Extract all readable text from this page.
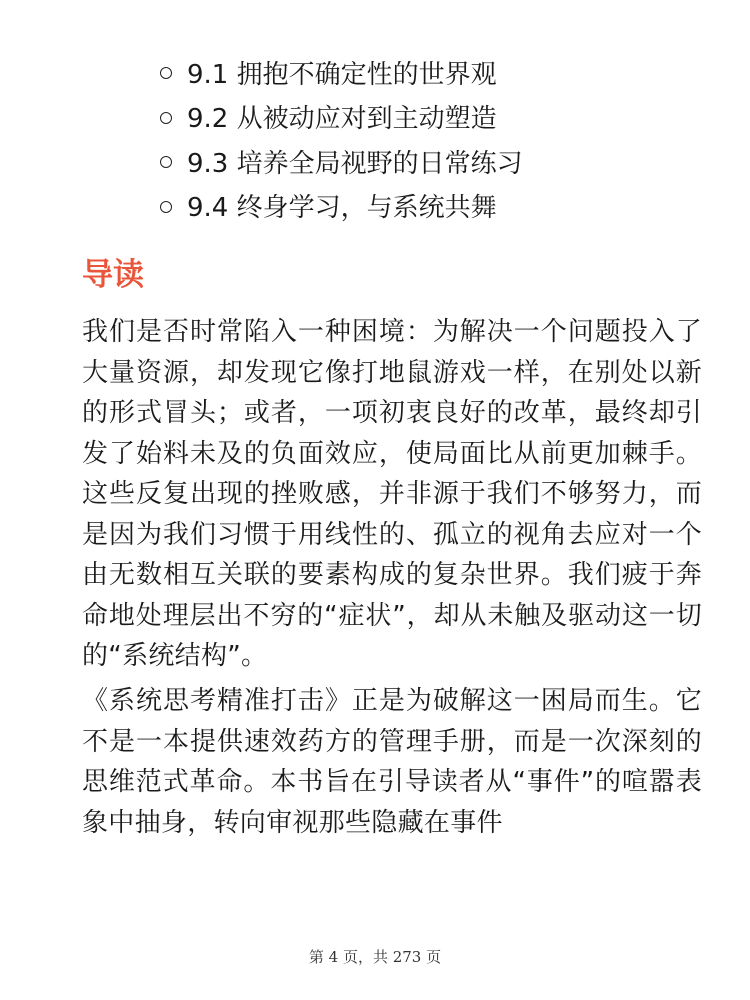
9.1 拥抱不确定性的世界观
9.2 从被动应对到主动塑造
9.3 培养全局视野的日常练习
9.4 终身学习，与系统共舞
导读

我们是否时常陷入一种困境：为解决一个问题投入了大量资源，却发现它像打地鼠游戏一样，在别处以新的形式冒头；或者，一项初衷良好的改革，最终却引发了始料未及的负面效应，使局面比从前更加棘手。这些反复出现的挫败感，并非源于我们不够努力，而是因为我们习惯于用线性的、孤立的视角去应对一个由无数相互关联的要素构成的复杂世界。我们疲于奔命地处理层出不穷的“症状”，却从未触及驱动这一切的“系统结构”。

《系统思考精准打击》正是为破解这一困局而生。它不是一本提供速效药方的管理手册，而是一次深刻的思维范式革命。本书旨在引导读者从“事件”的喧嚣表象中抽身，转向审视那些隐藏在事件

第 4 页，共 273 页
